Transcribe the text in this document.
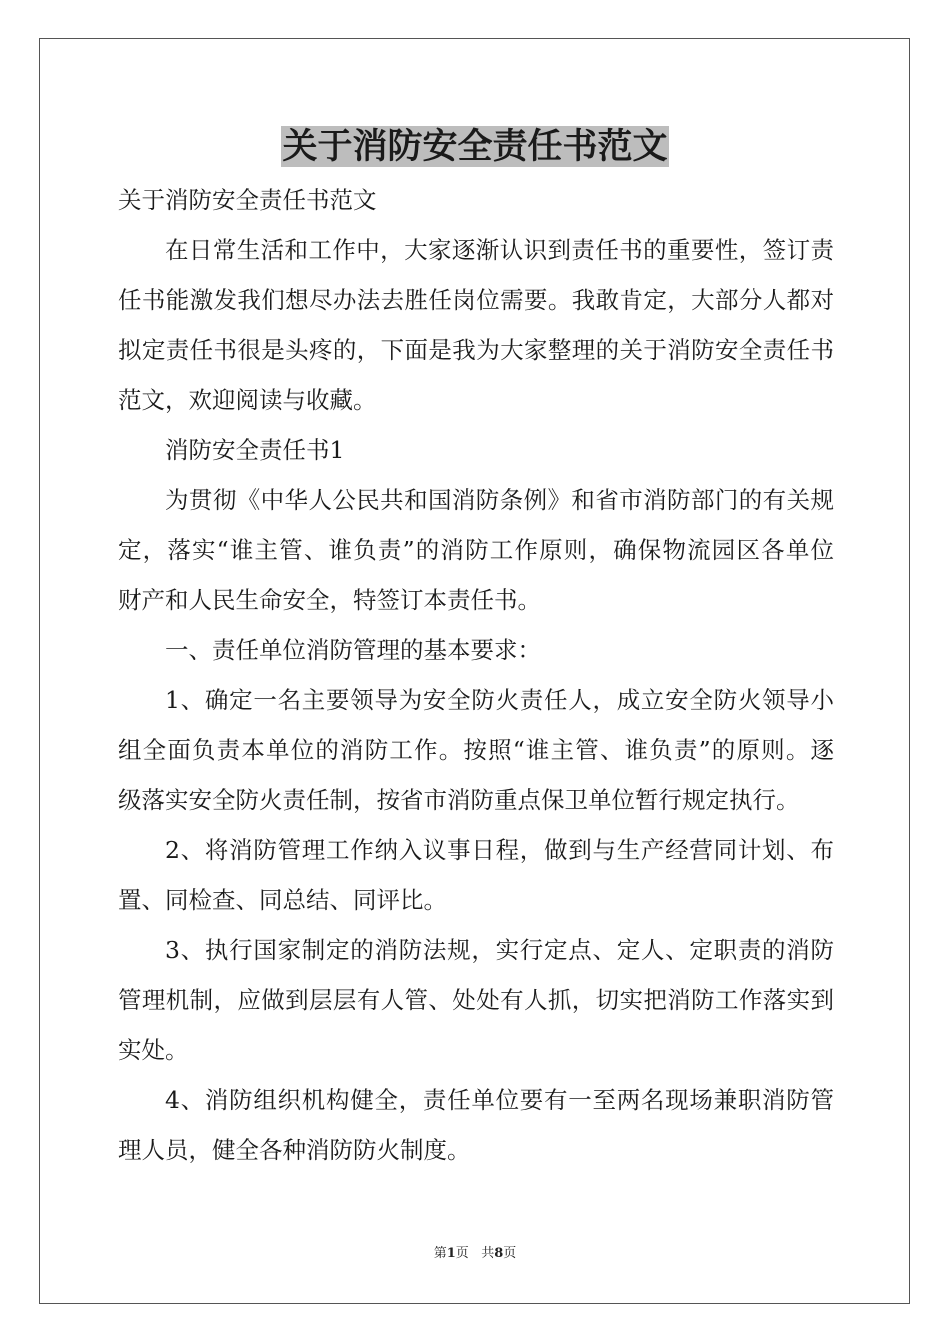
关于消防安全责任书范文
关于消防安全责任书范文
在日常生活和工作中，大家逐渐认识到责任书的重要性，签订责
任书能激发我们想尽办法去胜任岗位需要。我敢肯定，大部分人都对
拟定责任书很是头疼的，下面是我为大家整理的关于消防安全责任书
范文，欢迎阅读与收藏。
消防安全责任书1
为贯彻《中华人公民共和国消防条例》和省市消防部门的有关规
定，落实“谁主管、谁负责”的消防工作原则，确保物流园区各单位
财产和人民生命安全，特签订本责任书。
一、责任单位消防管理的基本要求：
1、确定一名主要领导为安全防火责任人，成立安全防火领导小
组全面负责本单位的消防工作。按照“谁主管、谁负责”的原则。逐
级落实安全防火责任制，按省市消防重点保卫单位暂行规定执行。
2、将消防管理工作纳入议事日程，做到与生产经营同计划、布
置、同检查、同总结、同评比。
3、执行国家制定的消防法规，实行定点、定人、定职责的消防
管理机制，应做到层层有人管、处处有人抓，切实把消防工作落实到
实处。
4、消防组织机构健全，责任单位要有一至两名现场兼职消防管
理人员，健全各种消防防火制度。
第1页 共8页
